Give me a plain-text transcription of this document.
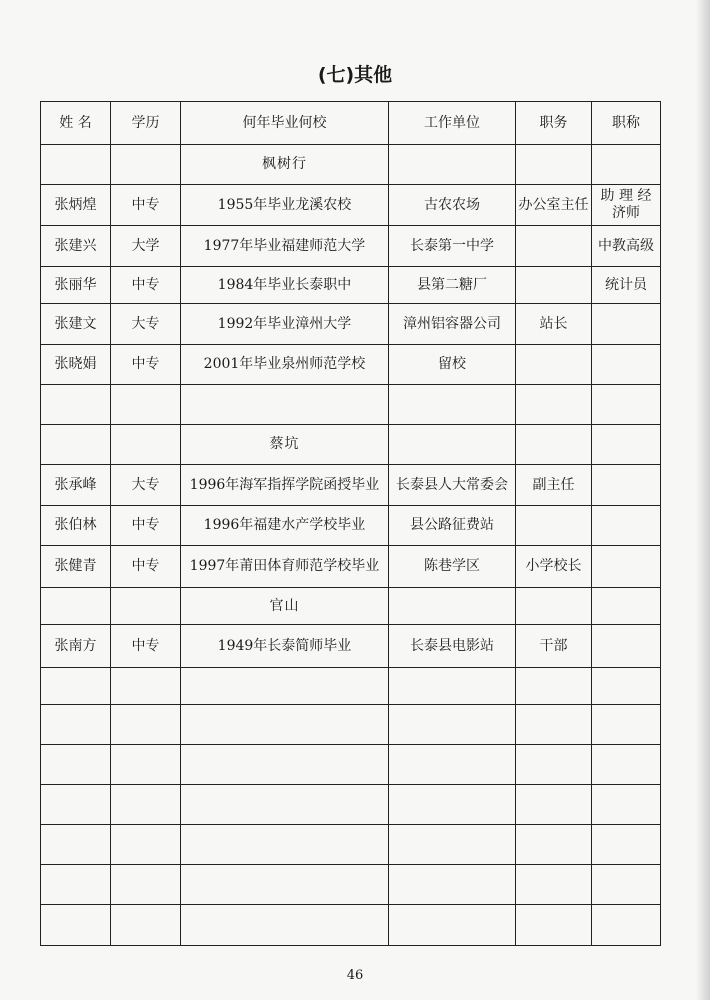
(七)其他
姓 名	学历	何年毕业何校	工作单位	职务	职称
		枫树行			
张炳煌	中专	1955年毕业龙溪农校	古农农场	办公室主任	助 理 经济师
张建兴	大学	1977年毕业福建师范大学	长泰第一中学		中教高级
张丽华	中专	1984年毕业长泰职中	县第二糖厂		统计员
张建文	大专	1992年毕业漳州大学	漳州铝容器公司	站长	
张晓娟	中专	2001年毕业泉州师范学校	留校		

		蔡坑			
张承峰	大专	1996年海军指挥学院函授毕业	长泰县人大常委会	副主任	
张伯林	中专	1996年福建水产学校毕业	县公路征费站		
张健青	中专	1997年莆田体育师范学校毕业	陈巷学区	小学校长	
		官山			
张南方	中专	1949年长泰简师毕业	长泰县电影站	干部	

46
